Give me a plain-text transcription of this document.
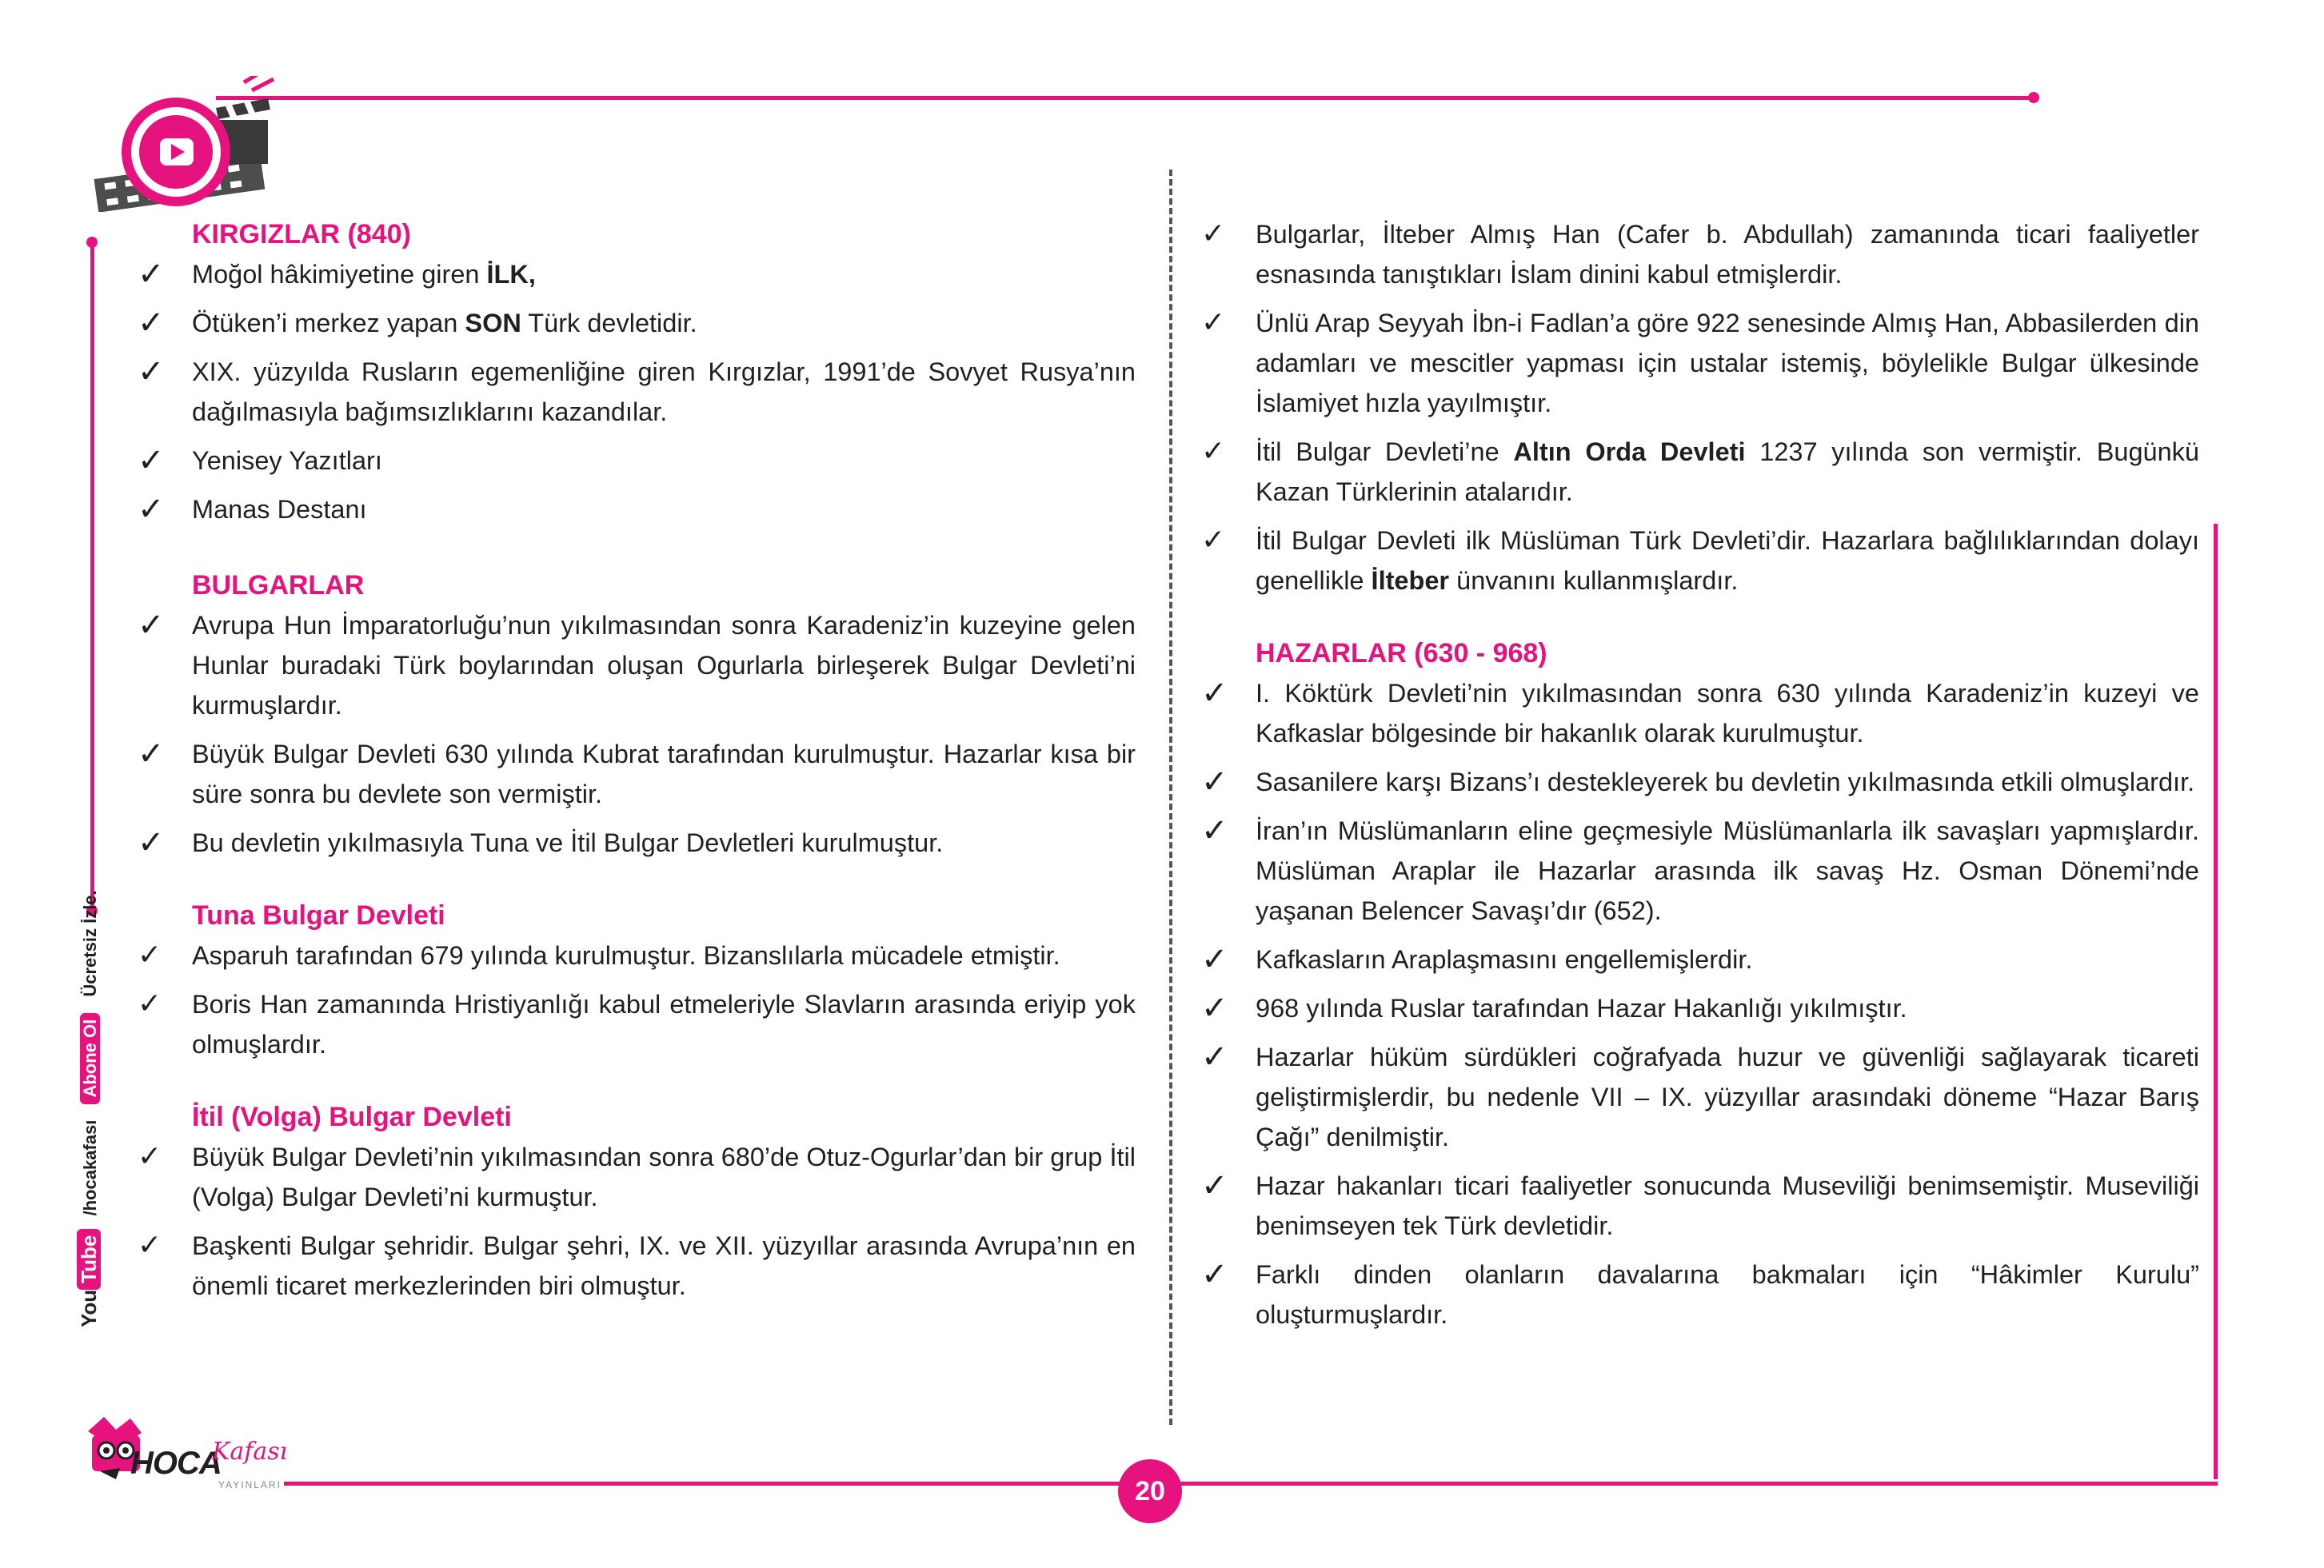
KIRGIZLAR (840)

✓ Moğol hâkimiyetine giren İLK,

✓ Ötüken’i merkez yapan SON Türk devletidir.

✓ XIX. yüzyılda Rusların egemenliğine giren Kırgızlar, 1991’de Sovyet Rusya’nın dağılmasıyla bağımsızlıklarını kazandılar.

✓ Yenisey Yazıtları

✓ Manas Destanı

BULGARLAR

✓ Avrupa Hun İmparatorluğu’nun yıkılmasından sonra Karadeniz’in kuzeyine gelen Hunlar buradaki Türk boylarından oluşan Ogurlarla birleşerek Bulgar Devleti’ni kurmuşlardır.

✓ Büyük Bulgar Devleti 630 yılında Kubrat tarafından kurulmuştur. Hazarlar kısa bir süre sonra bu devlete son vermiştir.

✓ Bu devletin yıkılmasıyla Tuna ve İtil Bulgar Devletleri kurulmuştur.

Tuna Bulgar Devleti

✓ Asparuh tarafından 679 yılında kurulmuştur. Bizanslılarla mücadele etmiştir.

✓ Boris Han zamanında Hristiyanlığı kabul etmeleriyle Slavların arasında eriyip yok olmuşlardır.

İtil (Volga) Bulgar Devleti

✓ Büyük Bulgar Devleti’nin yıkılmasından sonra 680’de Otuz-Ogurlar’dan bir grup İtil (Volga) Bulgar Devleti’ni kurmuştur.

✓ Başkenti Bulgar şehridir. Bulgar şehri, IX. ve XII. yüzyıllar arasında Avrupa’nın en önemli ticaret merkezlerinden biri olmuştur.

✓ Bulgarlar, İlteber Almış Han (Cafer b. Abdullah) zamanında ticari faaliyetler esnasında tanıştıkları İslam dinini kabul etmişlerdir.

✓ Ünlü Arap Seyyah İbn-i Fadlan’a göre 922 senesinde Almış Han, Abbasilerden din adamları ve mescitler yapması için ustalar istemiş, böylelikle Bulgar ülkesinde İslamiyet hızla yayılmıştır.

✓ İtil Bulgar Devleti’ne Altın Orda Devleti 1237 yılında son vermiştir. Bugünkü Kazan Türklerinin atalarıdır.

✓ İtil Bulgar Devleti ilk Müslüman Türk Devleti’dir. Hazarlara bağlılıklarından dolayı genellikle İlteber ünvanını kullanmışlardır.

HAZARLAR (630 - 968)

✓ I. Köktürk Devleti’nin yıkılmasından sonra 630 yılında Karadeniz’in kuzeyi ve Kafkaslar bölgesinde bir hakanlık olarak kurulmuştur.

✓ Sasanilere karşı Bizans’ı destekleyerek bu devletin yıkılmasında etkili olmuşlardır.

✓ İran’ın Müslümanların eline geçmesiyle Müslümanlarla ilk savaşları yapmışlardır. Müslüman Araplar ile Hazarlar arasında ilk savaş Hz. Osman Dönemi’nde yaşanan Belencer Savaşı’dır (652).

✓ Kafkasların Araplaşmasını engellemişlerdir.

✓ 968 yılında Ruslar tarafından Hazar Hakanlığı yıkılmıştır.

✓ Hazarlar hüküm sürdükleri coğrafyada huzur ve güvenliği sağlayarak ticareti geliştirmişlerdir, bu nedenle VII – IX. yüzyıllar arasındaki döneme “Hazar Barış Çağı” denilmiştir.

✓ Hazar hakanları ticari faaliyetler sonucunda Museviliği benimsemiştir. Museviliği benimseyen tek Türk devletidir.

✓ Farklı dinden olanların davalarına bakmaları için “Hâkimler Kurulu” oluşturmuşlardır.

YouTube /hocakafası Abone Ol Ücretsiz İzle.
HOCA
Kafası
YAYINLARI	20
